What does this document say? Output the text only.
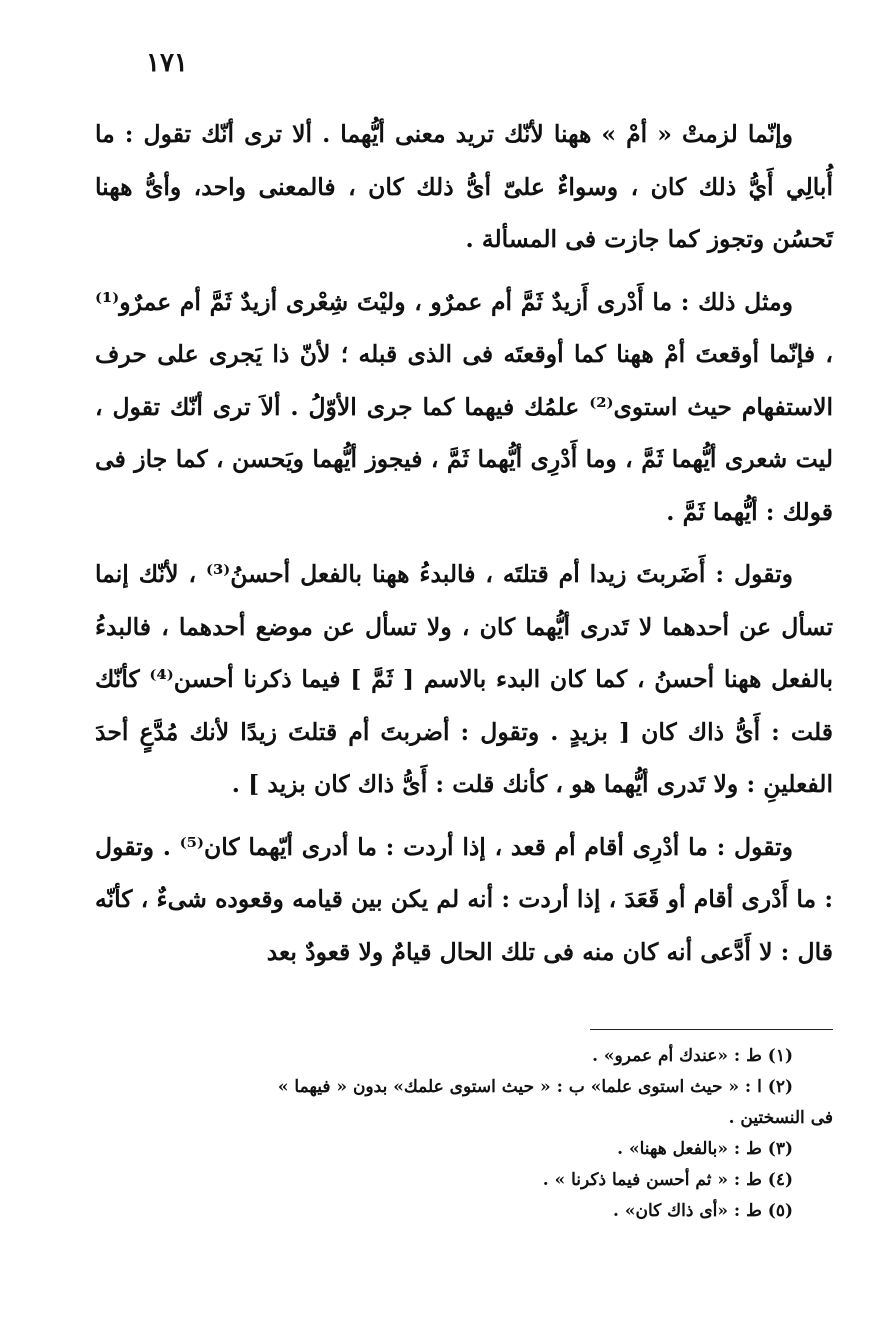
١٧١

وإنّما لزمتْ « أمْ » ههنا لأنّك تريد معنى أيُّهما . ألا ترى أنّك تقول : ما أُبالِي أَيُّ ذلك كان ، وسواءٌ علىّ أىُّ ذلك كان ، فالمعنى واحد، وأىُّ ههنا تَحسُن وتجوز كما جازت فى المسألة .

ومثل ذلك : ما أَدْرى أَزيدٌ ثَمَّ أم عمرٌو ، وليْتَ شِعْرى أزيدٌ ثَمَّ أم عمرٌو⁽¹⁾ ، فإنّما أوقعتَ أمْ ههنا كما أوقعتَه فى الذى قبله ؛ لأنّ ذا يَجرى على حرف الاستفهام حيث استوى⁽²⁾ علمُك فيهما كما جرى الأوّلُ . ألاَ ترى أنّك تقول ، ليت شعرى أيُّهما ثَمَّ ، وما أَدْرِى أيُّهما ثَمَّ ، فيجوز أيُّهما ويَحسن ، كما جاز فى قولك : أيُّهما ثَمَّ .

وتقول : أَضَربتَ زيدا أم قتلتَه ، فالبدءُ ههنا بالفعل أحسنُ⁽³⁾ ، لأنّك إنما تسأل عن أحدهما لا تَدرى أيُّهما كان ، ولا تسأل عن موضع أحدهما ، فالبدءُ بالفعل ههنا أحسنُ ، كما كان البدء بالاسم [ ثَمَّ ] فيما ذكرنا أحسن⁽⁴⁾ كأنّك قلت : أَىُّ ذاك كان [ بزيدٍ . وتقول : أضربتَ أم قتلتَ زيدًا لأنك مُدَّعٍ أحدَ الفعلينِ : ولا تَدرى أيُّهما هو ، كأنك قلت : أَىُّ ذاك كان بزيد ] .

وتقول : ما أدْرِى أقام أم قعد ، إذا أردت : ما أدرى أيّهما كان⁽⁵⁾ . وتقول : ما أَدْرى أقام أو قَعَدَ ، إذا أردت : أنه لم يكن بين قيامه وقعوده شىءٌ ، كأنّه قال : لا أَدَّعى أنه كان منه فى تلك الحال قيامٌ ولا قعودٌ بعد

(١) ط : «عندك أم عمرو» .

(٢) ا : « حيث استوى علما» ب : « حيث استوى علمك» بدون « فيهما »

فى النسختين .

(٣) ط : «بالفعل ههنا» .

(٤) ط : « ثم أحسن فيما ذكرنا » .

(٥) ط : «أى ذاك كان» .
